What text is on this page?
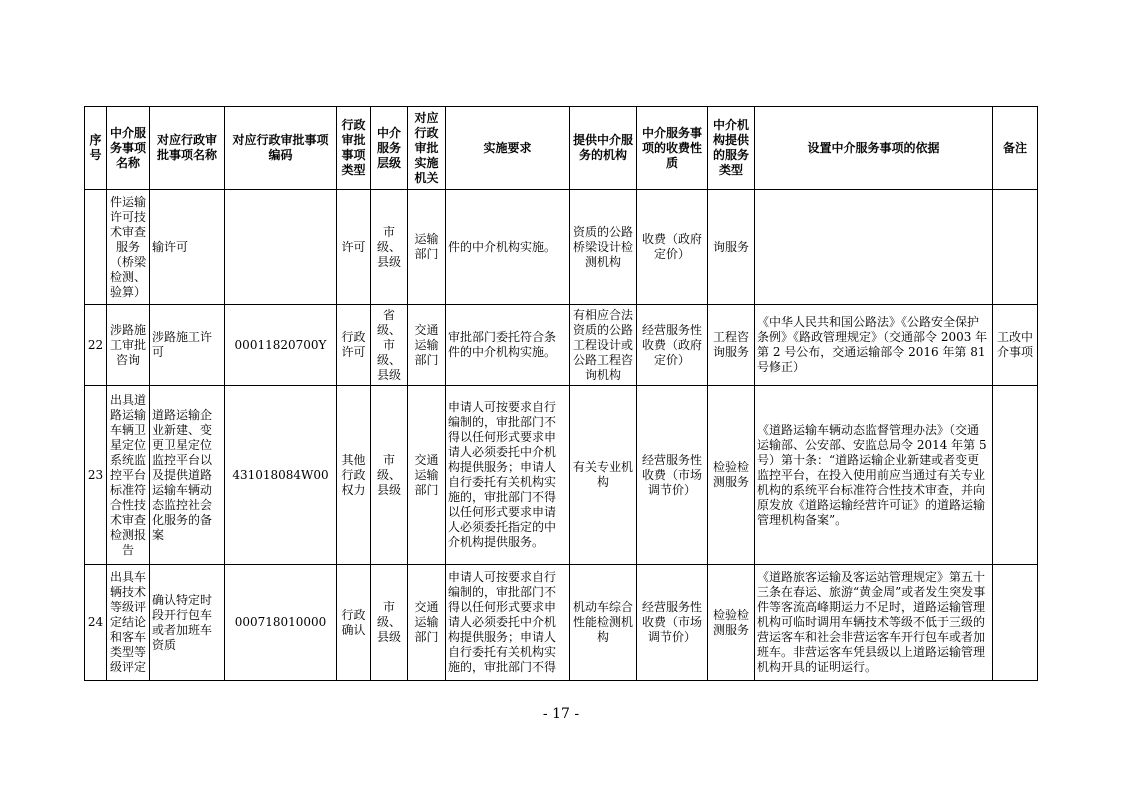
序号	中介服务事项名称	对应行政审批事项名称	对应行政审批事项编码	行政审批事项类型	中介服务层级	对应行政审批实施机关	实施要求	提供中介服务的机构	中介服务事项的收费性质	中介机构提供的服务类型	设置中介服务事项的依据	备注
	件运输许可技术审查服务（桥梁检测、验算）	输许可		许可	市级、县级	运输部门	件的中介机构实施。	资质的公路桥梁设计检测机构	收费（政府定价）	询服务		
22	涉路施工审批咨询	涉路施工许可	00011820700Y	行政许可	省级、市级、县级	交通运输部门	审批部门委托符合条件的中介机构实施。	有相应合法资质的公路工程设计或公路工程咨询机构	经营服务性收费（政府定价）	工程咨询服务	《中华人民共和国公路法》《公路安全保护条例》《路政管理规定》（交通部令 2003 年第 2 号公布，交通运输部令 2016 年第 81 号修正）	工改中介事项
23	出具道路运输车辆卫星定位系统监控平台标准符合性技术审查检测报告	道路运输企业新建、变更卫星定位监控平台以及提供道路运输车辆动态监控社会化服务的备案	431018084W00	其他行政权力	市级、县级	交通运输部门	申请人可按要求自行编制的，审批部门不得以任何形式要求申请人必须委托中介机构提供服务；申请人自行委托有关机构实施的，审批部门不得以任何形式要求申请人必须委托指定的中介机构提供服务。	有关专业机构	经营服务性收费（市场调节价）	检验检测服务	《道路运输车辆动态监督管理办法》（交通运输部、公安部、安监总局令 2014 年第 5 号）第十条：“道路运输企业新建或者变更监控平台，在投入使用前应当通过有关专业机构的系统平台标准符合性技术审查，并向原发放《道路运输经营许可证》的道路运输管理机构备案”。	
24	出具车辆技术等级评定结论和客车类型等级评定	确认特定时段开行包车或者加班车资质	000718010000	行政确认	市级、县级	交通运输部门	申请人可按要求自行编制的，审批部门不得以任何形式要求申请人必须委托中介机构提供服务；申请人自行委托有关机构实施的，审批部门不得	机动车综合性能检测机构	经营服务性收费（市场调节价）	检验检测服务	《道路旅客运输及客运站管理规定》第五十三条在春运、旅游“黄金周”或者发生突发事件等客流高峰期运力不足时，道路运输管理机构可临时调用车辆技术等级不低于三级的营运客车和社会非营运客车开行包车或者加班车。非营运客车凭县级以上道路运输管理机构开具的证明运行。	
- 17 -
